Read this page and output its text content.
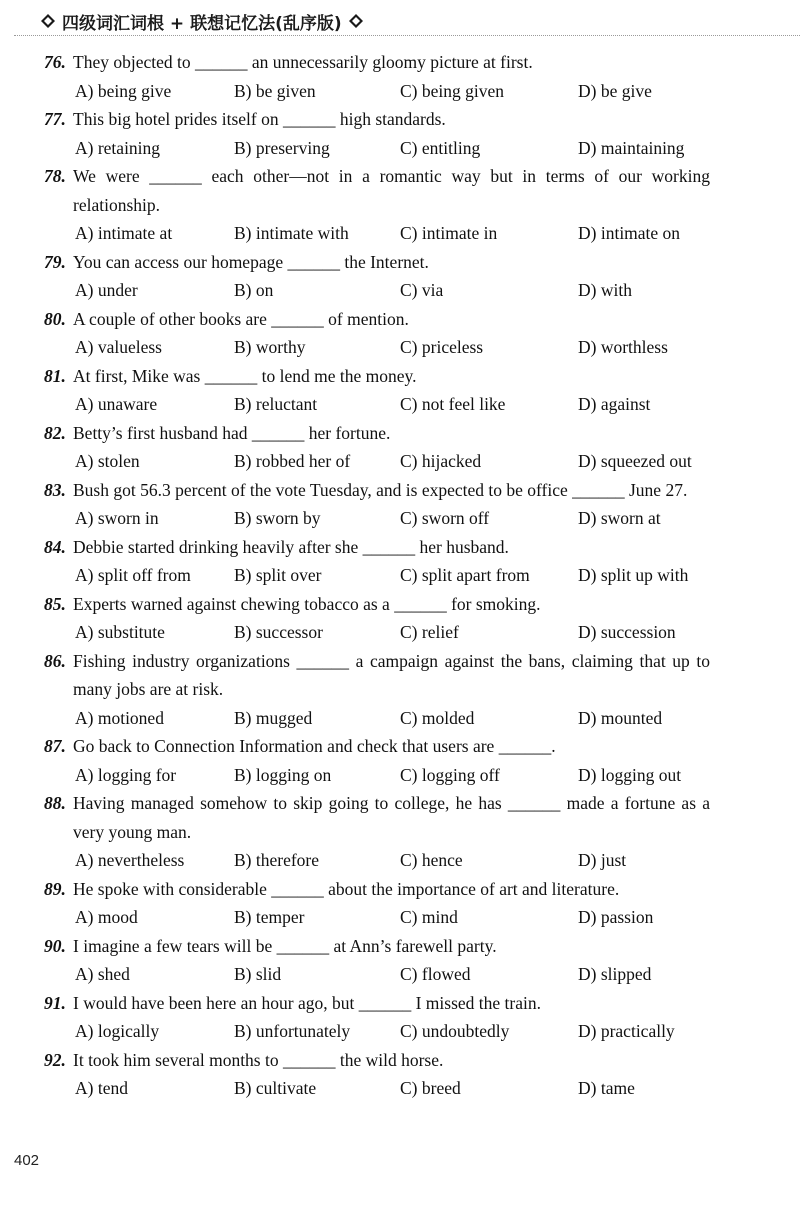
四级词汇词根 + 联想记忆法(乱序版)
76. They objected to ______ an unnecessarily gloomy picture at first.
A) being give	B) be given	C) being given	D) be give
77. This big hotel prides itself on ______ high standards.
A) retaining	B) preserving	C) entitling	D) maintaining
78. We were ______ each other—not in a romantic way but in terms of our working relationship.
A) intimate at	B) intimate with	C) intimate in	D) intimate on
79. You can access our homepage ______ the Internet.
A) under	B) on	C) via	D) with
80. A couple of other books are ______ of mention.
A) valueless	B) worthy	C) priceless	D) worthless
81. At first, Mike was ______ to lend me the money.
A) unaware	B) reluctant	C) not feel like	D) against
82. Betty’s first husband had ______ her fortune.
A) stolen	B) robbed her of	C) hijacked	D) squeezed out
83. Bush got 56.3 percent of the vote Tuesday, and is expected to be office ______ June 27.
A) sworn in	B) sworn by	C) sworn off	D) sworn at
84. Debbie started drinking heavily after she ______ her husband.
A) split off from B) split over	C) split apart from	D) split up with
85. Experts warned against chewing tobacco as a ______ for smoking.
A) substitute	B) successor	C) relief	D) succession
86. Fishing industry organizations ______ a campaign against the bans, claiming that up to many jobs are at risk.
A) motioned	B) mugged	C) molded	D) mounted
87. Go back to Connection Information and check that users are ______.
A) logging for	B) logging on	C) logging off	D) logging out
88. Having managed somehow to skip going to college, he has ______ made a fortune as a very young man.
A) nevertheless	B) therefore	C) hence	D) just
89. He spoke with considerable ______ about the importance of art and literature.
A) mood	B) temper	C) mind	D) passion
90. I imagine a few tears will be ______ at Ann’s farewell party.
A) shed	B) slid	C) flowed	D) slipped
91. I would have been here an hour ago, but ______ I missed the train.
A) logically	B) unfortunately	C) undoubtedly	D) practically
92. It took him several months to ______ the wild horse.
A) tend	B) cultivate	C) breed	D) tame
402
